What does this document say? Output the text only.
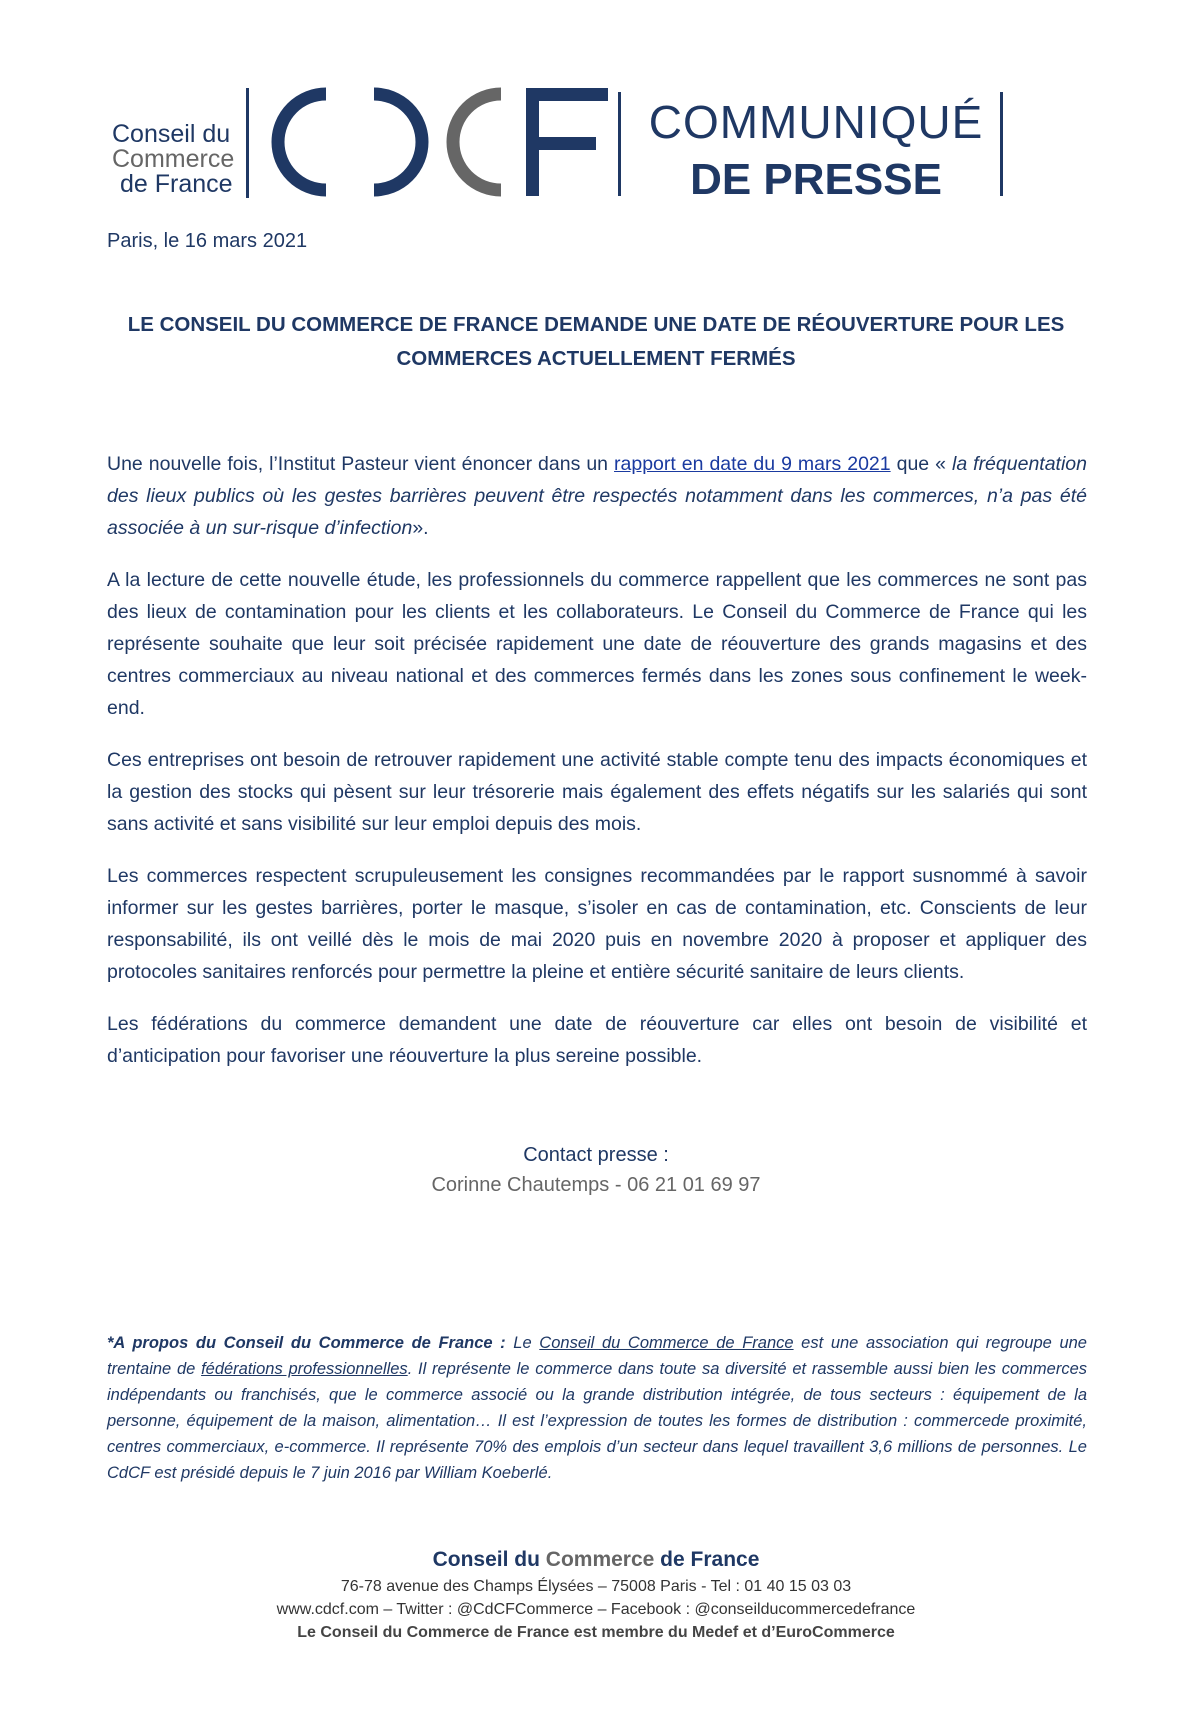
Conseil du
Commerce
de France
COMMUNIQUÉ
DE PRESSE
Paris, le 16 mars 2021
LE CONSEIL DU COMMERCE DE FRANCE DEMANDE UNE DATE DE RÉOUVERTURE POUR LES
COMMERCES ACTUELLEMENT FERMÉS

Une nouvelle fois, l’Institut Pasteur vient énoncer dans un rapport en date du 9 mars 2021 que « la fréquentation des lieux publics où les gestes barrières peuvent être respectés notamment dans les commerces, n’a pas été associée à un sur-risque d’infection».

A la lecture de cette nouvelle étude, les professionnels du commerce rappellent que les commerces ne sont pas des lieux de contamination pour les clients et les collaborateurs. Le Conseil du Commerce de France qui les représente souhaite que leur soit précisée rapidement une date de réouverture des grands magasins et des centres commerciaux au niveau national et des commerces fermés dans les zones sous confinement le week-end.

Ces entreprises ont besoin de retrouver rapidement une activité stable compte tenu des impacts économiques et la gestion des stocks qui pèsent sur leur trésorerie mais également des effets négatifs sur les salariés qui sont sans activité et sans visibilité sur leur emploi depuis des mois.

Les commerces respectent scrupuleusement les consignes recommandées par le rapport susnommé à savoir informer sur les gestes barrières, porter le masque, s’isoler en cas de contamination, etc. Conscients de leur responsabilité, ils ont veillé dès le mois de mai 2020 puis en novembre 2020 à proposer et appliquer des protocoles sanitaires renforcés pour permettre la pleine et entière sécurité sanitaire de leurs clients.

Les fédérations du commerce demandent une date de réouverture car elles ont besoin de visibilité et d’anticipation pour favoriser une réouverture la plus sereine possible.

Contact presse :
Corinne Chautemps - 06 21 01 69 97
*A propos du Conseil du Commerce de France : Le Conseil du Commerce de France est une association qui regroupe une trentaine de fédérations professionnelles. Il représente le commerce dans toute sa diversité et rassemble aussi bien les commerces indépendants ou franchisés, que le commerce associé ou la grande distribution intégrée, de tous secteurs : équipement de la personne, équipement de la maison, alimentation… Il est l’expression de toutes les formes de distribution : commercede proximité, centres commerciaux, e-commerce. Il représente 70% des emplois d’un secteur dans lequel travaillent 3,6 millions de personnes. Le CdCF est présidé depuis le 7 juin 2016 par William Koeberlé.
Conseil du Commerce de France
76-78 avenue des Champs Élysées – 75008 Paris - Tel : 01 40 15 03 03
www.cdcf.com – Twitter : @CdCFCommerce – Facebook : @conseilducommercedefrance
Le Conseil du Commerce de France est membre du Medef et d’EuroCommerce
